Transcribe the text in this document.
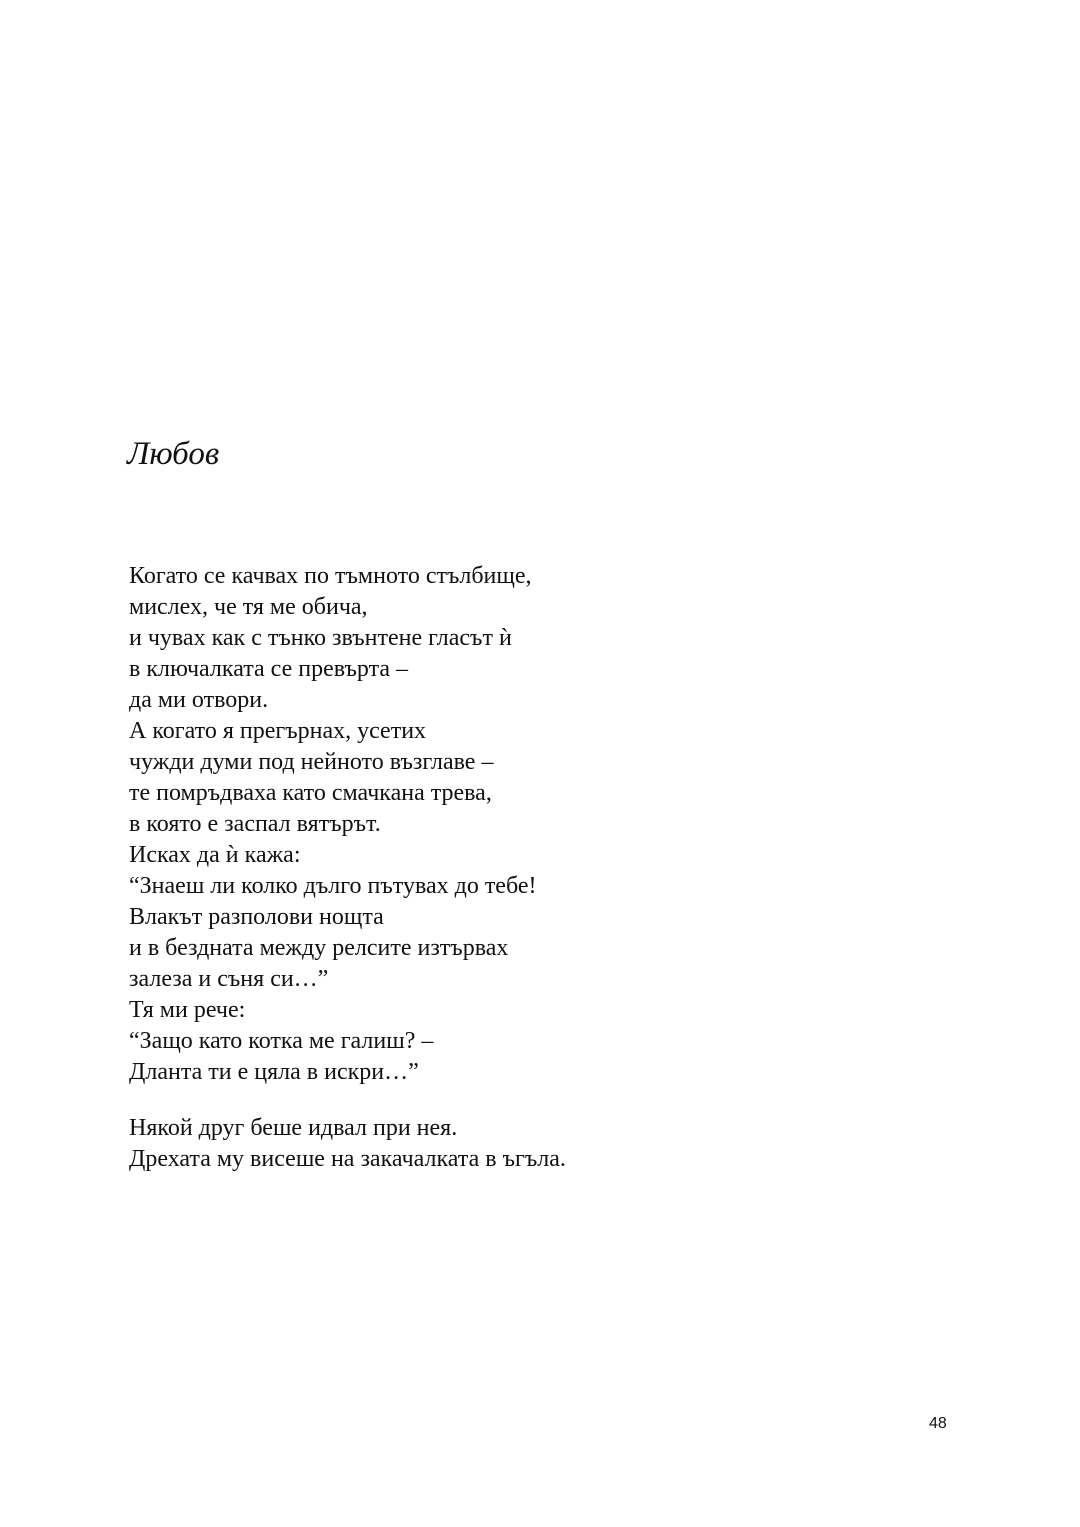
Любов
Когато се качвах по тъмното стълбище,
мислех, че тя ме обича,
и чувах как с тънко звънтене гласът ѝ
в ключалката се превърта –
да ми отвори.
А когато я прегърнах, усетих
чужди думи под нейното възглаве –
те помръдваха като смачкана трева,
в която е заспал вятърът.
Исках да ѝ кажа:
“Знаеш ли колко дълго пътувах до тебе!
Влакът разполови нощта
и в бездната между релсите изтървах
залеза и съня си…”
Тя ми рече:
“Защо като котка ме галиш? –
Дланта ти е цяла в искри…”
Някой друг беше идвал при нея.
Дрехата му висеше на закачалката в ъгъла.
48
